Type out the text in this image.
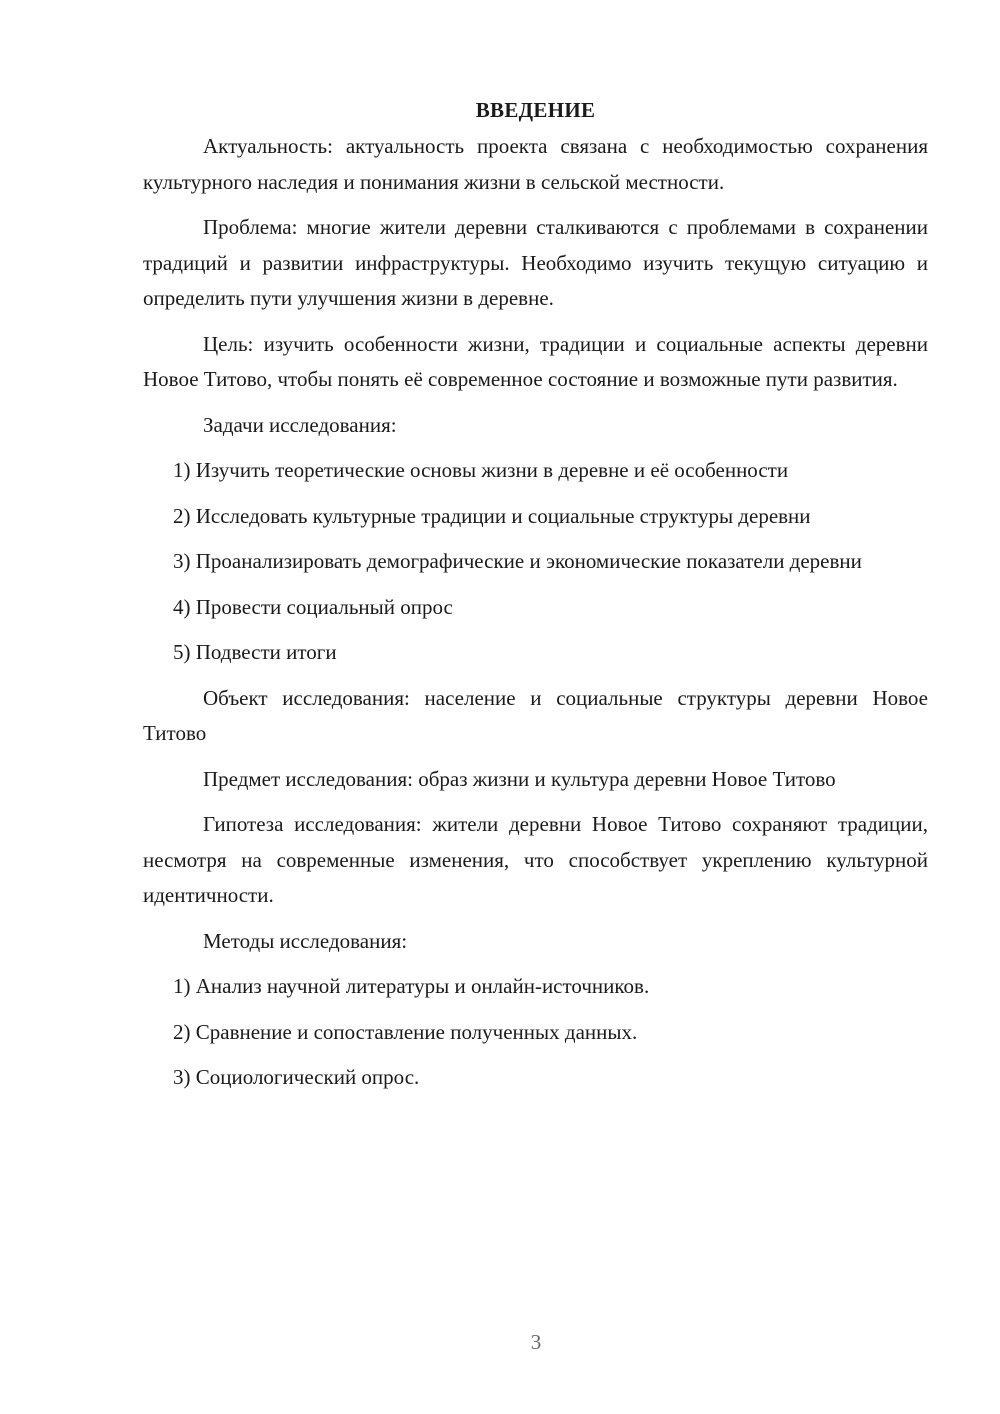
ВВЕДЕНИЕ

Актуальность: актуальность проекта связана с необходимостью сохранения культурного наследия и понимания жизни в сельской местности.

Проблема: многие жители деревни сталкиваются с проблемами в сохранении традиций и развитии инфраструктуры. Необходимо изучить текущую ситуацию и определить пути улучшения жизни в деревне.

Цель: изучить особенности жизни, традиции и социальные аспекты деревни Новое Титово, чтобы понять её современное состояние и возможные пути развития.

Задачи исследования:

1) Изучить теоретические основы жизни в деревне и её особенности

2) Исследовать культурные традиции и социальные структуры деревни

3) Проанализировать демографические и экономические показатели деревни

4) Провести социальный опрос

5) Подвести итоги

Объект исследования: население и социальные структуры деревни Новое Титово

Предмет исследования: образ жизни и культура деревни Новое Титово

Гипотеза исследования: жители деревни Новое Титово сохраняют традиции, несмотря на современные изменения, что способствует укреплению культурной идентичности.

Методы исследования:

1) Анализ научной литературы и онлайн-источников.

2) Сравнение и сопоставление полученных данных.

3) Социологический опрос.

3
